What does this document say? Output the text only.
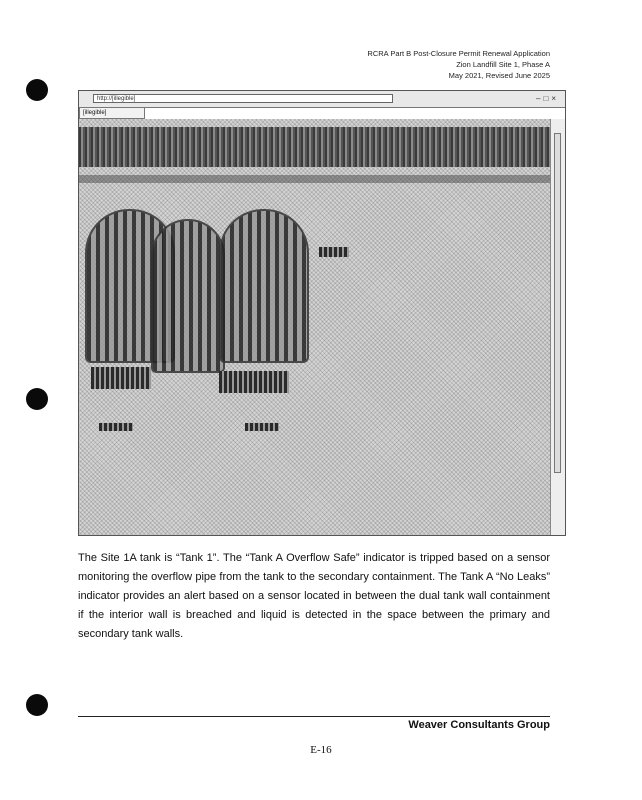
RCRA Part B Post-Closure Permit Renewal Application
Zion Landfill Site 1, Phase A
May 2021, Revised June 2025
http://[illegible]	–□×
[illegible]
The Site 1A tank is “Tank 1”. The “Tank A Overflow Safe” indicator is tripped based on a sensor monitoring the overflow pipe from the tank to the secondary containment. The Tank A “No Leaks” indicator provides an alert based on a sensor located in between the dual tank wall containment if the interior wall is breached and liquid is detected in the space between the primary and secondary tank walls.
Weaver Consultants Group
E-16
